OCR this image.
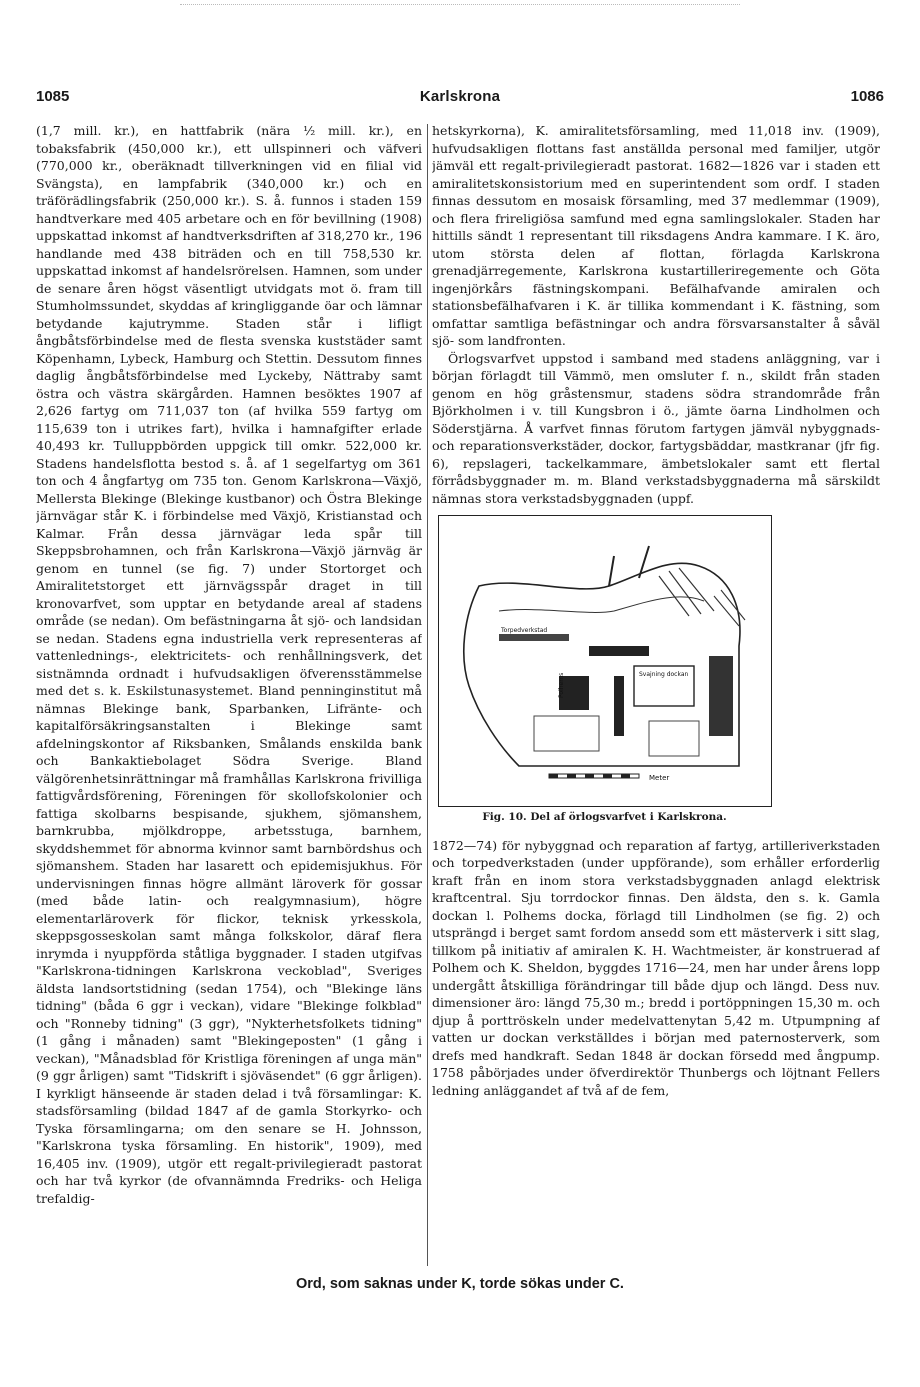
1085	Karlskrona	1086

(1,7 mill. kr.), en hattfabrik (nära ½ mill. kr.), en tobaksfabrik (450,000 kr.), ett ullspinneri och väfveri (770,000 kr., oberäknadt tillverkningen vid en filial vid Svängsta), en lampfabrik (340,000 kr.) och en träförädlingsfabrik (250,000 kr.). S. å. funnos i staden 159 handtverkare med 405 arbetare och en för bevillning (1908) uppskattad inkomst af handtverksdriften af 318,270 kr., 196 handlande med 438 biträden och en till 758,530 kr. uppskattad inkomst af handelsrörelsen. Hamnen, som under de senare åren högst väsentligt utvidgats mot ö. fram till Stumholmssundet, skyddas af kringliggande öar och lämnar betydande kajutrymme. Staden står i lifligt ångbåtsförbindelse med de flesta svenska kuststäder samt Köpenhamn, Lybeck, Hamburg och Stettin. Dessutom finnes daglig ångbåtsförbindelse med Lyckeby, Nättraby samt östra och västra skärgården. Hamnen besöktes 1907 af 2,626 fartyg om 711,037 ton (af hvilka 559 fartyg om 115,639 ton i utrikes fart), hvilka i hamnafgifter erlade 40,493 kr. Tulluppbörden uppgick till omkr. 522,000 kr. Stadens handelsflotta bestod s. å. af 1 segelfartyg om 361 ton och 4 ångfartyg om 735 ton. Genom Karlskrona—Växjö, Mellersta Blekinge (Blekinge kustbanor) och Östra Blekinge järnvägar står K. i förbindelse med Växjö, Kristianstad och Kalmar. Från dessa järnvägar leda spår till Skeppsbrohamnen, och från Karlskrona—Växjö järnväg är genom en tunnel (se fig. 7) under Stortorget och Amiralitetstorget ett järnvägsspår draget in till kronovarfvet, som upptar en betydande areal af stadens område (se nedan). Om befästningarna åt sjö- och landsidan se nedan. Stadens egna industriella verk representeras af vattenlednings-, elektricitets- och renhållningsverk, det sistnämnda ordnadt i hufvudsakligen öfverensstämmelse med det s. k. Eskilstunasystemet. Bland penninginstitut må nämnas Blekinge bank, Sparbanken, Lifränte- och kapitalförsäkringsanstalten i Blekinge samt afdelningskontor af Riksbanken, Smålands enskilda bank och Bankaktiebolaget Södra Sverige. Bland välgörenhetsinrättningar må framhållas Karlskrona frivilliga fattigvårdsförening, Föreningen för skollofskolonier och fattiga skolbarns bespisande, sjukhem, sjömanshem, barnkrubba, mjölkdroppe, arbetsstuga, barnhem, skyddshemmet för abnorma kvinnor samt barnbördshus och sjömanshem. Staden har lasarett och epidemisjukhus. För undervisningen finnas högre allmänt läroverk för gossar (med både latin- och realgymnasium), högre elementarläroverk för flickor, teknisk yrkesskola, skeppsgosseskolan samt många folkskolor, däraf flera inrymda i nyuppförda ståtliga byggnader. I staden utgifvas "Karlskrona-tidningen Karlskrona veckoblad", Sveriges äldsta landsortstidning (sedan 1754), och "Blekinge läns tidning" (båda 6 ggr i veckan), vidare "Blekinge folkblad" och "Ronneby tidning" (3 ggr), "Nykterhetsfolkets tidning" (1 gång i månaden) samt "Blekingeposten" (1 gång i veckan), "Månadsblad för Kristliga föreningen af unga män" (9 ggr årligen) samt "Tidskrift i sjöväsendet" (6 ggr årligen). I kyrkligt hänseende är staden delad i två församlingar: K. stadsförsamling (bildad 1847 af de gamla Storkyrko- och Tyska församlingarna; om den senare se H. Johnsson, "Karlskrona tyska församling. En historik", 1909), med 16,405 inv. (1909), utgör ett regalt-privilegieradt pastorat och har två kyrkor (de ofvannämnda Fredriks- och Heliga trefaldig-

hetskyrkorna), K. amiralitetsförsamling, med 11,018 inv. (1909), hufvudsakligen flottans fast anställda personal med familjer, utgör jämväl ett regalt-privilegieradt pastorat. 1682—1826 var i staden ett amiralitetskonsistorium med en superintendent som ordf. I staden finnas dessutom en mosaisk församling, med 37 medlemmar (1909), och flera frireligiösa samfund med egna samlingslokaler. Staden har hittills sändt 1 representant till riksdagens Andra kammare. I K. äro, utom största delen af flottan, förlagda Karlskrona grenadjärregemente, Karlskrona kustartilleriregemente och Göta ingenjörkårs fästningskompani. Befälhafvande amiralen och stationsbefälhafvaren i K. är tillika kommendant i K. fästning, som omfattar samtliga befästningar och andra försvarsanstalter å såväl sjö- som landfronten.

Örlogsvarfvet uppstod i samband med stadens anläggning, var i början förlagdt till Vämmö, men omsluter f. n., skildt från staden genom en hög gråstensmur, stadens södra strandområde från Björkholmen i v. till Kungsbron i ö., jämte öarna Lindholmen och Söderstjärna. Å varfvet finnas förutom fartygen jämväl nybyggnads- och reparationsverkstäder, dockor, fartygsbäddar, mastkranar (jfr fig. 6), repslageri, tackelkammare, ämbetslokaler samt ett flertal förrådsbyggnader m. m. Bland verkstadsbyggnaderna må särskildt nämnas stora verkstadsbyggnaden (uppf.

Torpedverkstad
Svajning dockan
Polhems
Meter
Fig. 10. Del af örlogsvarfvet i Karlskrona.

1872—74) för nybyggnad och reparation af fartyg, artilleriverkstaden och torpedverkstaden (under uppförande), som erhåller erforderlig kraft från en inom stora verkstadsbyggnaden anlagd elektrisk kraftcentral. Sju torrdockor finnas. Den äldsta, den s. k. Gamla dockan l. Polhems docka, förlagd till Lindholmen (se fig. 2) och utsprängd i berget samt fordom ansedd som ett mästerverk i sitt slag, tillkom på initiativ af amiralen K. H. Wachtmeister, är konstruerad af Polhem och K. Sheldon, byggdes 1716—24, men har under årens lopp undergått åtskilliga förändringar till både djup och längd. Dess nuv. dimensioner äro: längd 75,30 m.; bredd i portöppningen 15,30 m. och djup å porttröskeln under medelvattenytan 5,42 m. Utpumpning af vatten ur dockan verkställdes i början med paternosterverk, som drefs med handkraft. Sedan 1848 är dockan försedd med ångpump. 1758 påbörjades under öfverdirektör Thunbergs och löjtnant Fellers ledning anläggandet af två af de fem,

Ord, som saknas under K, torde sökas under C.
